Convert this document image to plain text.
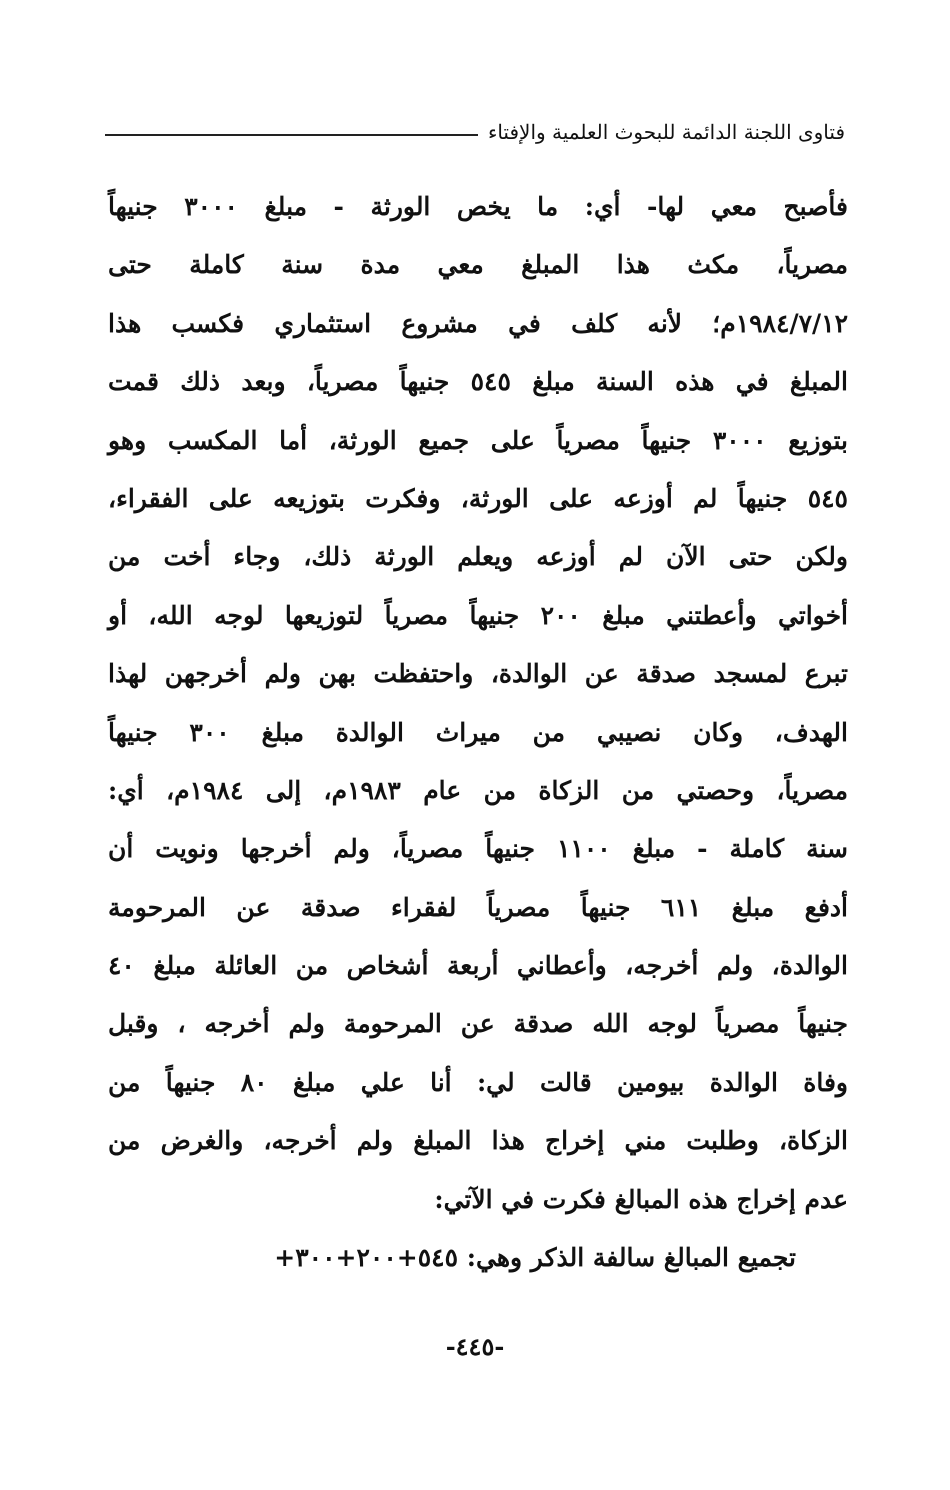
فتاوى اللجنة الدائمة للبحوث العلمية والإفتاء
فأصبح معي لها- أي: ما يخص الورثة - مبلغ ٣٠٠٠ جنيهاً
مصرياً، مكث هذا المبلغ معي مدة سنة كاملة حتى
١٩٨٤/٧/١٢م؛ لأنه كلف في مشروع استثماري فكسب هذا
المبلغ في هذه السنة مبلغ ٥٤٥ جنيهاً مصرياً، وبعد ذلك قمت
بتوزيع ٣٠٠٠ جنيهاً مصرياً على جميع الورثة، أما المكسب وهو
٥٤٥ جنيهاً لم أوزعه على الورثة، وفكرت بتوزيعه على الفقراء،
ولكن حتى الآن لم أوزعه ويعلم الورثة ذلك، وجاء أخت من
أخواتي وأعطتني مبلغ ٢٠٠ جنيهاً مصرياً لتوزيعها لوجه الله، أو
تبرع لمسجد صدقة عن الوالدة، واحتفظت بهن ولم أخرجهن لهذا
الهدف، وكان نصيبي من ميراث الوالدة مبلغ ٣٠٠ جنيهاً
مصرياً، وحصتي من الزكاة من عام ١٩٨٣م، إلى ١٩٨٤م، أي:
سنة كاملة - مبلغ ١١٠٠ جنيهاً مصرياً، ولم أخرجها ونويت أن
أدفع مبلغ ٦١١ جنيهاً مصرياً لفقراء صدقة عن المرحومة
الوالدة، ولم أخرجه، وأعطاني أربعة أشخاص من العائلة مبلغ ٤٠
جنيهاً مصرياً لوجه الله صدقة عن المرحومة ولم أخرجه ، وقبل
وفاة الوالدة بيومين قالت لي: أنا علي مبلغ ٨٠ جنيهاً من
الزكاة، وطلبت مني إخراج هذا المبلغ ولم أخرجه، والغرض من
عدم إخراج هذه المبالغ فكرت في الآتي:
تجميع المبالغ سالفة الذكر وهي: ٥٤٥+٢٠٠+٣٠٠+
-٤٤٥-
